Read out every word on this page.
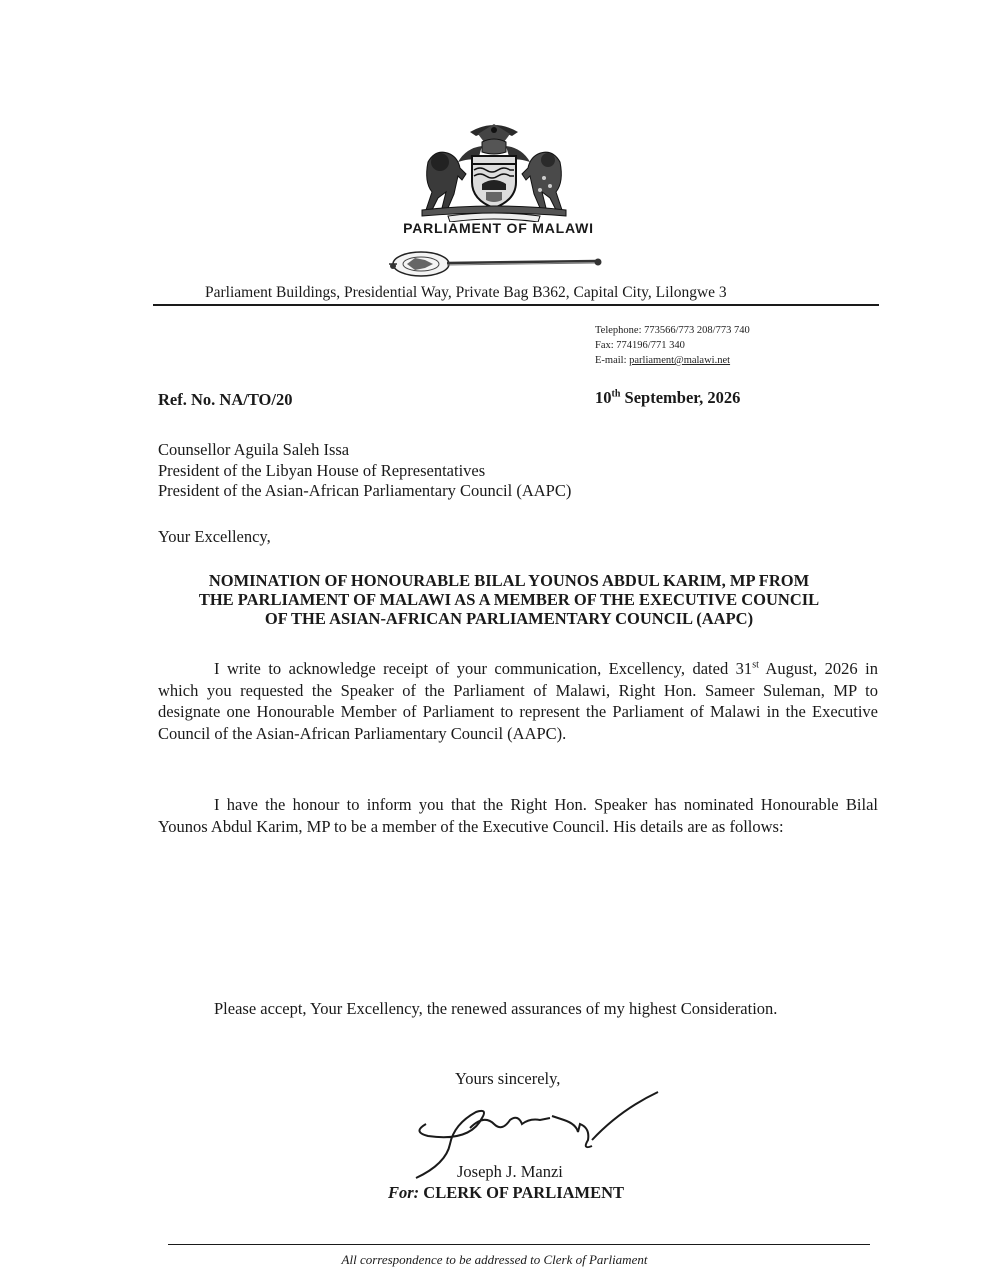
PARLIAMENT OF MALAWI
Parliament Buildings, Presidential Way, Private Bag B362, Capital City, Lilongwe 3
Telephone: 773566/773 208/773 740
Fax: 774196/771 340
E-mail: parliament@malawi.net
Ref. No. NA/TO/20	10th September, 2026
Counsellor Aguila Saleh Issa
President of the Libyan House of Representatives
President of the Asian-African Parliamentary Council (AAPC)
Your Excellency,
NOMINATION OF HONOURABLE BILAL YOUNOS ABDUL KARIM, MP FROM
THE PARLIAMENT OF MALAWI AS A MEMBER OF THE EXECUTIVE COUNCIL
OF THE ASIAN-AFRICAN PARLIAMENTARY COUNCIL (AAPC)
I write to acknowledge receipt of your communication, Excellency, dated 31st August, 2026 in which you requested the Speaker of the Parliament of Malawi, Right Hon. Sameer Suleman, MP to designate one Honourable Member of Parliament to represent the Parliament of Malawi in the Executive Council of the Asian-African Parliamentary Council (AAPC).
I have the honour to inform you that the Right Hon. Speaker has nominated Honourable Bilal Younos Abdul Karim, MP to be a member of the Executive Council. His details are as follows:
Please accept, Your Excellency, the renewed assurances of my highest Consideration.
Yours sincerely,
Joseph J. Manzi
For: CLERK OF PARLIAMENT
All correspondence to be addressed to Clerk of Parliament
